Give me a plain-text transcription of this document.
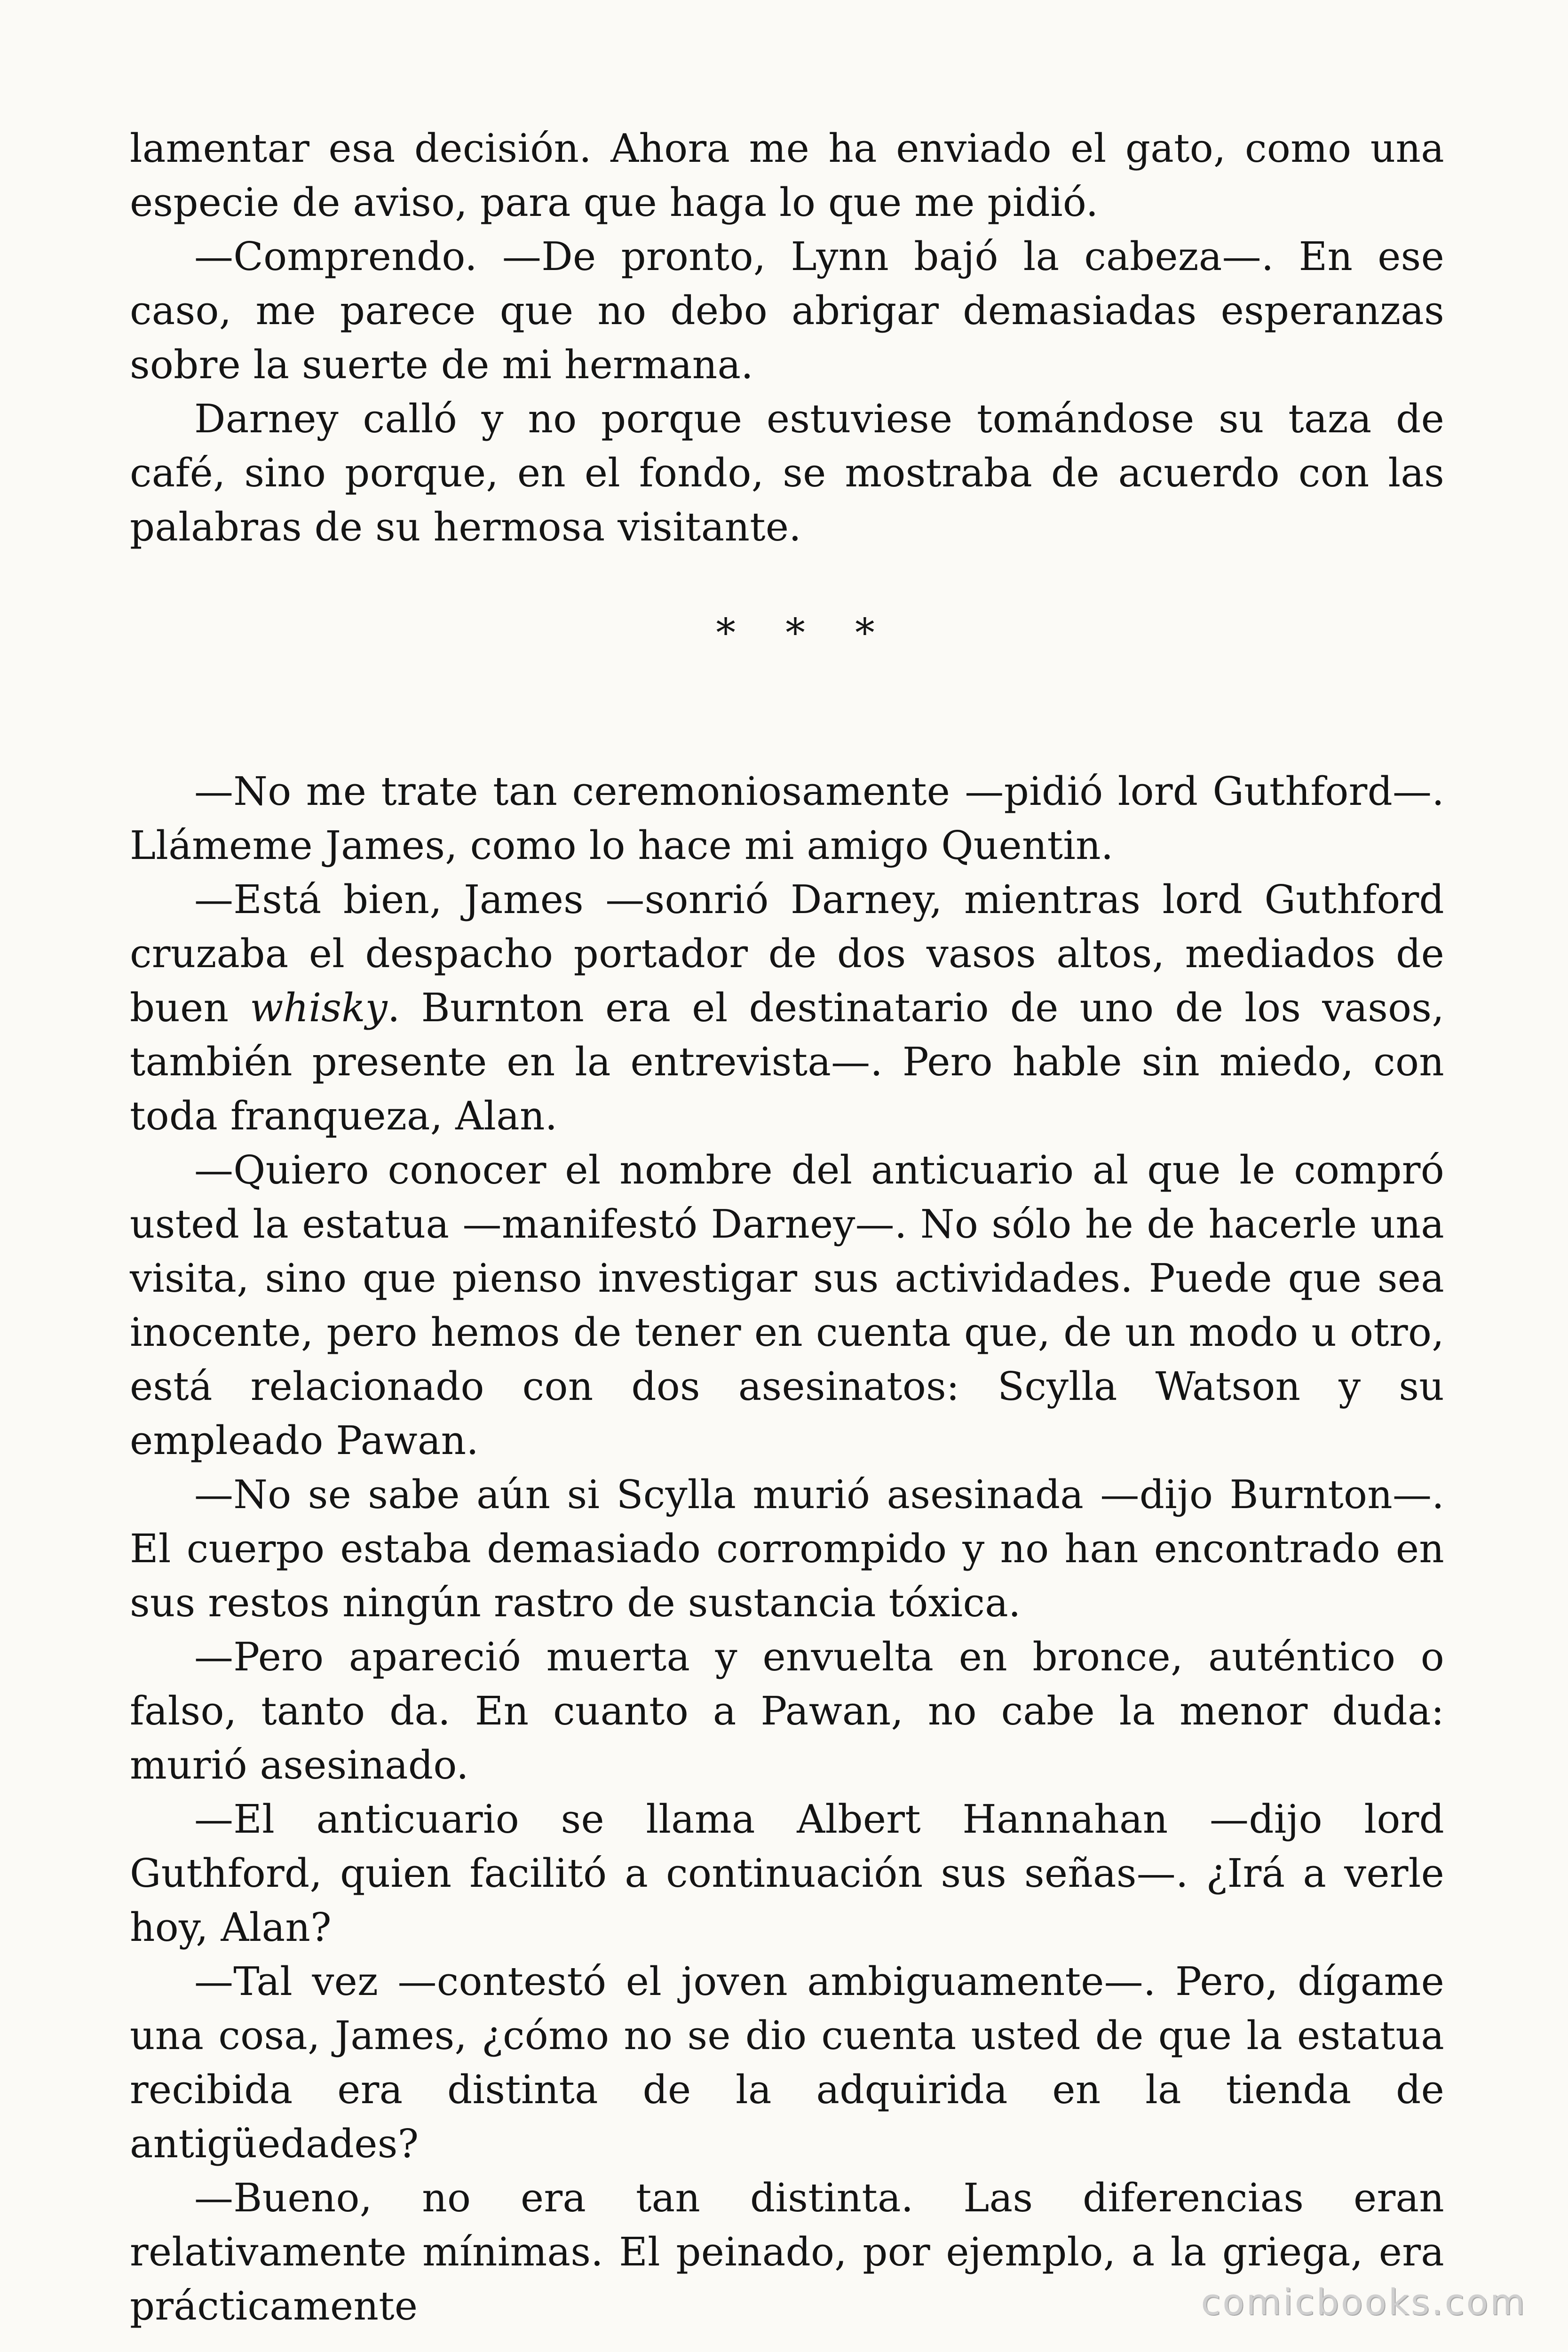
lamentar esa decisión. Ahora me ha enviado el gato, como una especie de aviso, para que haga lo que me pidió.

—Comprendo. —De pronto, Lynn bajó la cabeza—. En ese caso, me parece que no debo abrigar demasiadas esperanzas sobre la suerte de mi hermana.

Darney calló y no porque estuviese tomándose su taza de café, sino porque, en el fondo, se mostraba de acuerdo con las palabras de su hermosa visitante.

* * *

—No me trate tan ceremoniosamente —pidió lord Guthford—. Llámeme James, como lo hace mi amigo Quentin.

—Está bien, James —sonrió Darney, mientras lord Guthford cruzaba el despacho portador de dos vasos altos, mediados de buen whisky. Burnton era el destinatario de uno de los vasos, también presente en la entrevista—. Pero hable sin miedo, con toda franqueza, Alan.

—Quiero conocer el nombre del anticuario al que le compró usted la estatua —manifestó Darney—. No sólo he de hacerle una visita, sino que pienso investigar sus actividades. Puede que sea inocente, pero hemos de tener en cuenta que, de un modo u otro, está relacionado con dos asesinatos: Scylla Watson y su empleado Pawan.

—No se sabe aún si Scylla murió asesinada —dijo Burnton—. El cuerpo estaba demasiado corrompido y no han encontrado en sus restos ningún rastro de sustancia tóxica.

—Pero apareció muerta y envuelta en bronce, auténtico o falso, tanto da. En cuanto a Pawan, no cabe la menor duda: murió asesinado.

—El anticuario se llama Albert Hannahan —dijo lord Guthford, quien facilitó a continuación sus señas—. ¿Irá a verle hoy, Alan?

—Tal vez —contestó el joven ambiguamente—. Pero, dígame una cosa, James, ¿cómo no se dio cuenta usted de que la estatua recibida era distinta de la adquirida en la tienda de antigüedades?

—Bueno, no era tan distinta. Las diferencias eran relativamente mínimas. El peinado, por ejemplo, a la griega, era prácticamente	comicbooks.com
